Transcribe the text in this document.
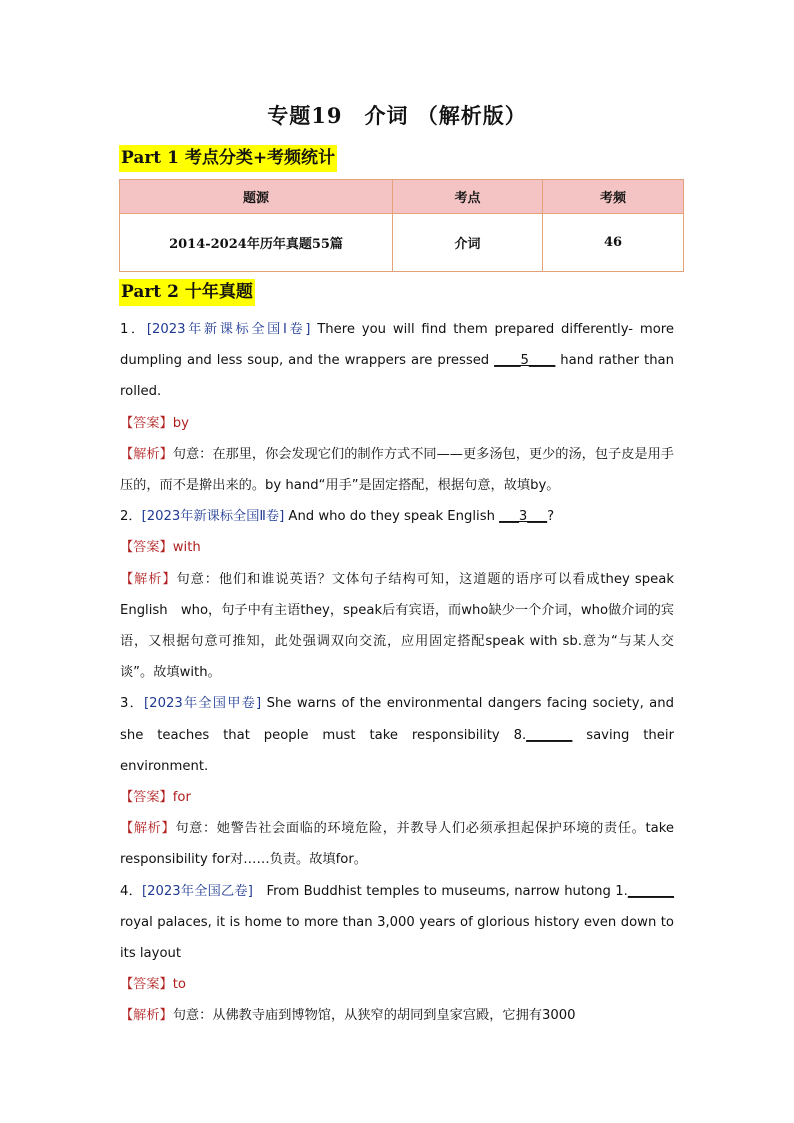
专题19　介词 （解析版）
Part 1 考点分类+考频统计
题源	考点	考频
2014-2024年历年真题55篇	介词	46
Part 2 十年真题

1．[2023年新课标全国Ⅰ卷] There you will find them prepared differently- more dumpling and less soup, and the wrappers are pressed ____5____ hand rather than rolled.

【答案】by

【解析】句意：在那里，你会发现它们的制作方式不同——更多汤包，更少的汤，包子皮是用手压的，而不是擀出来的。by hand“用手”是固定搭配，根据句意，故填by。

2．[2023年新课标全国Ⅱ卷] And who do they speak English ___3___?

【答案】with

【解析】句意：他们和谁说英语？文体句子结构可知，这道题的语序可以看成they speak English　who，句子中有主语they，speak后有宾语，而who缺少一个介词，who做介词的宾语，又根据句意可推知，此处强调双向交流，应用固定搭配speak with sb.意为“与某人交谈”。故填with。

3．[2023年全国甲卷] She warns of the environmental dangers facing society, and she teaches that people must take responsibility 8._______ saving their environment.

【答案】for

【解析】句意：她警告社会面临的环境危险，并教导人们必须承担起保护环境的责任。take responsibility for对……负责。故填for。

4．[2023年全国乙卷]　From Buddhist temples to museums, narrow hutong 1._______ royal palaces, it is home to more than 3,000 years of glorious history even down to its layout

【答案】to

【解析】句意：从佛教寺庙到博物馆，从狭窄的胡同到皇家宫殿，它拥有3000
